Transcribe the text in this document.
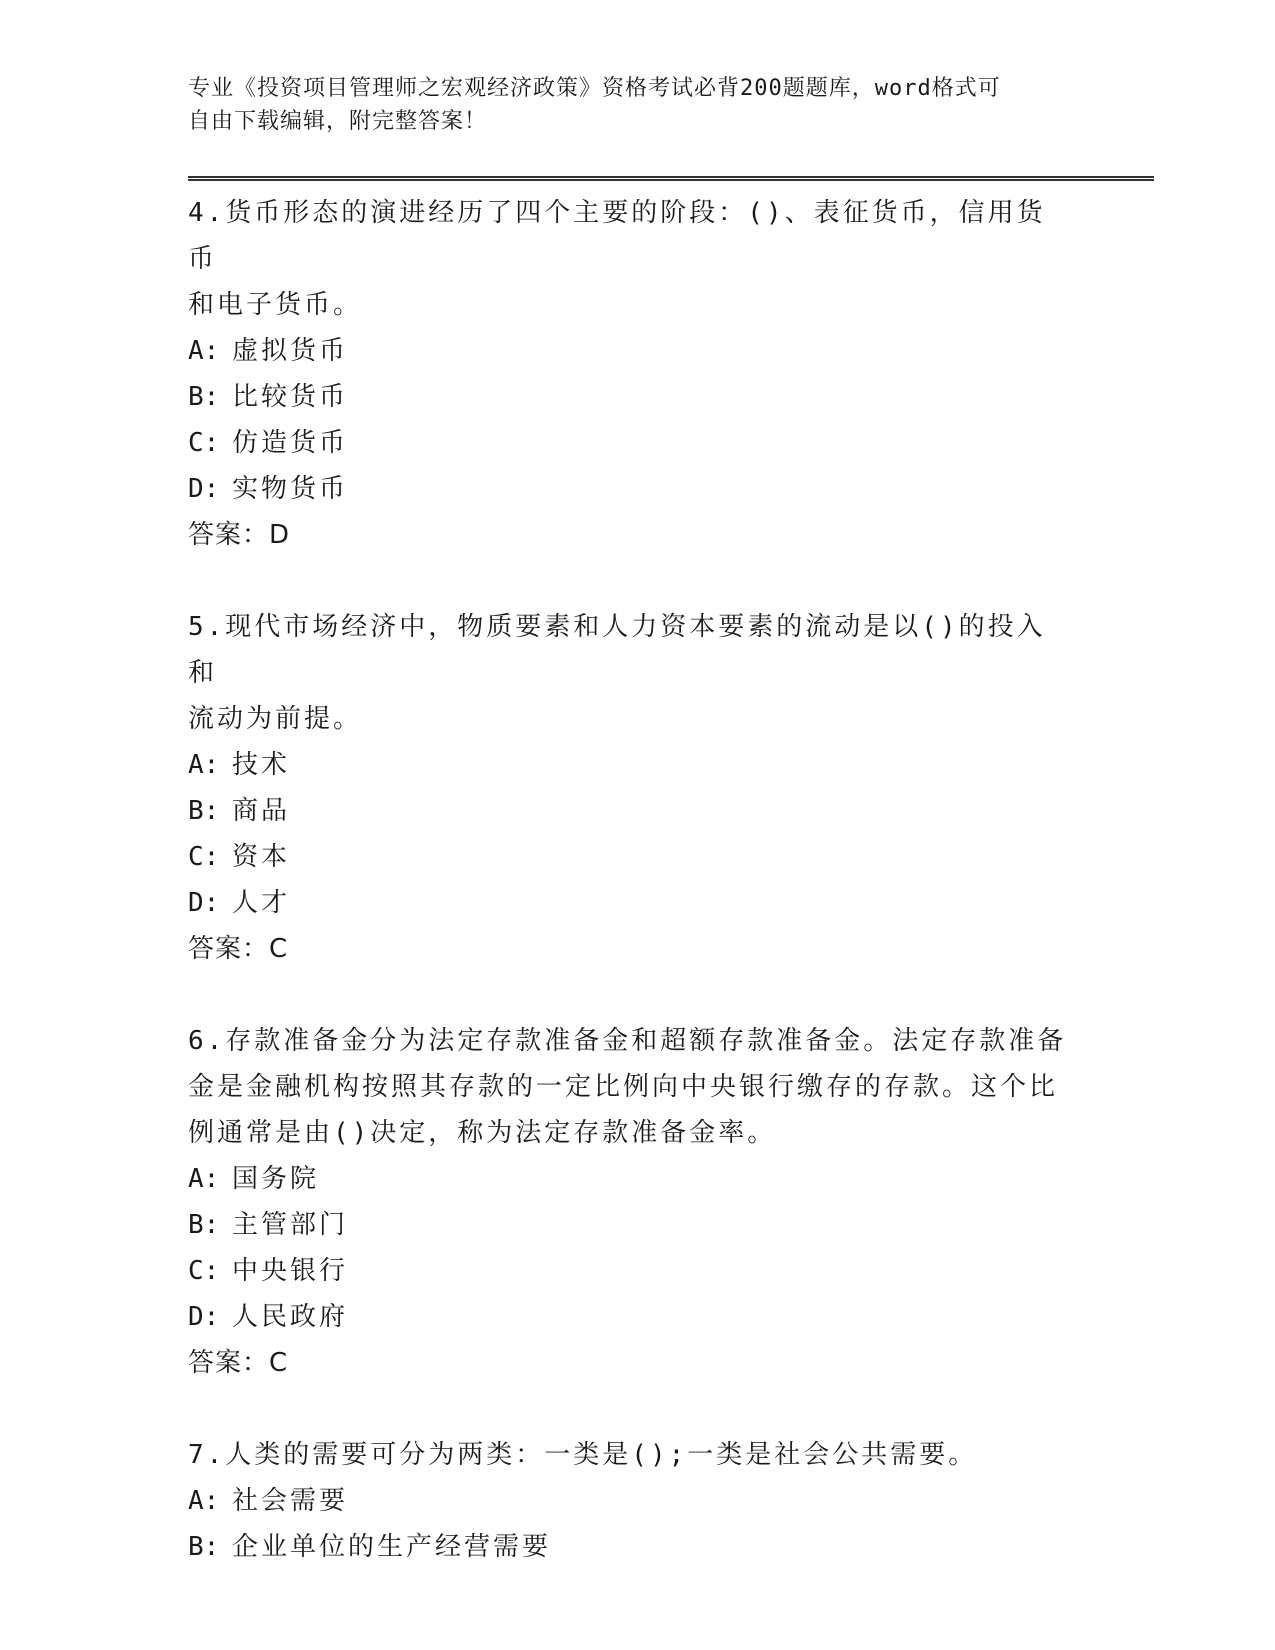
专业《投资项目管理师之宏观经济政策》资格考试必背200题题库，word格式可
自由下载编辑，附完整答案！
4.货币形态的演进经历了四个主要的阶段：()、表征货币，信用货币
和电子货币。
A: 虚拟货币
B: 比较货币
C: 仿造货币
D: 实物货币
答案：D
5.现代市场经济中，物质要素和人力资本要素的流动是以()的投入和
流动为前提。
A: 技术
B: 商品
C: 资本
D: 人才
答案：C
6.存款准备金分为法定存款准备金和超额存款准备金。法定存款准备
金是金融机构按照其存款的一定比例向中央银行缴存的存款。这个比
例通常是由()决定，称为法定存款准备金率。
A: 国务院
B: 主管部门
C: 中央银行
D: 人民政府
答案：C
7.人类的需要可分为两类：一类是();一类是社会公共需要。
A: 社会需要
B: 企业单位的生产经营需要
